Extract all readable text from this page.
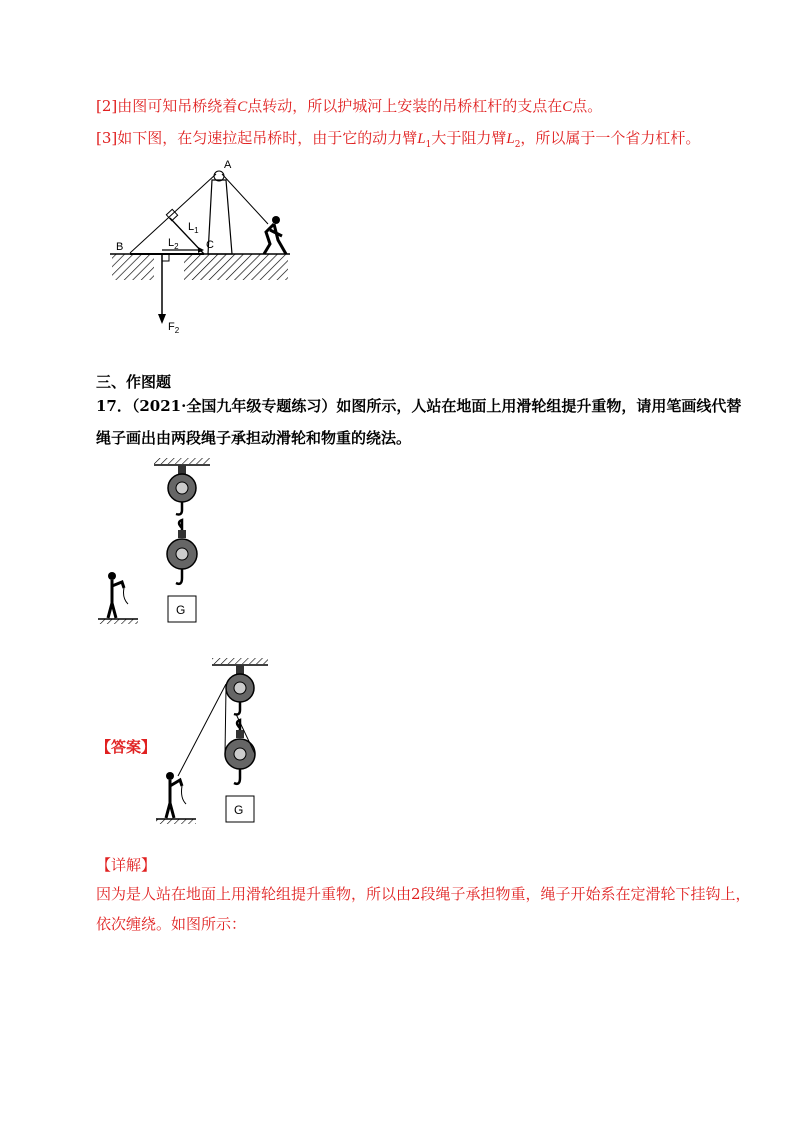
[2]由图可知吊桥绕着C点转动，所以护城河上安装的吊桥杠杆的支点在C点。
[3]如下图，在匀速拉起吊桥时，由于它的动力臂$L_1$大于阻力臂$L_2$，所以属于一个省力杠杆。
A
B	C
$L_1$
$L_2$
$F_2$
三、作图题
17．（2021·全国九年级专题练习）如图所示，人站在地面上用滑轮组提升重物，请用笔画线代替
绳子画出由两段绳子承担动滑轮和物重的绕法。
G
【答案】
G
【详解】
因为是人站在地面上用滑轮组提升重物，所以由2段绳子承担物重，绳子开始系在定滑轮下挂钩上，
依次缠绕。如图所示：
